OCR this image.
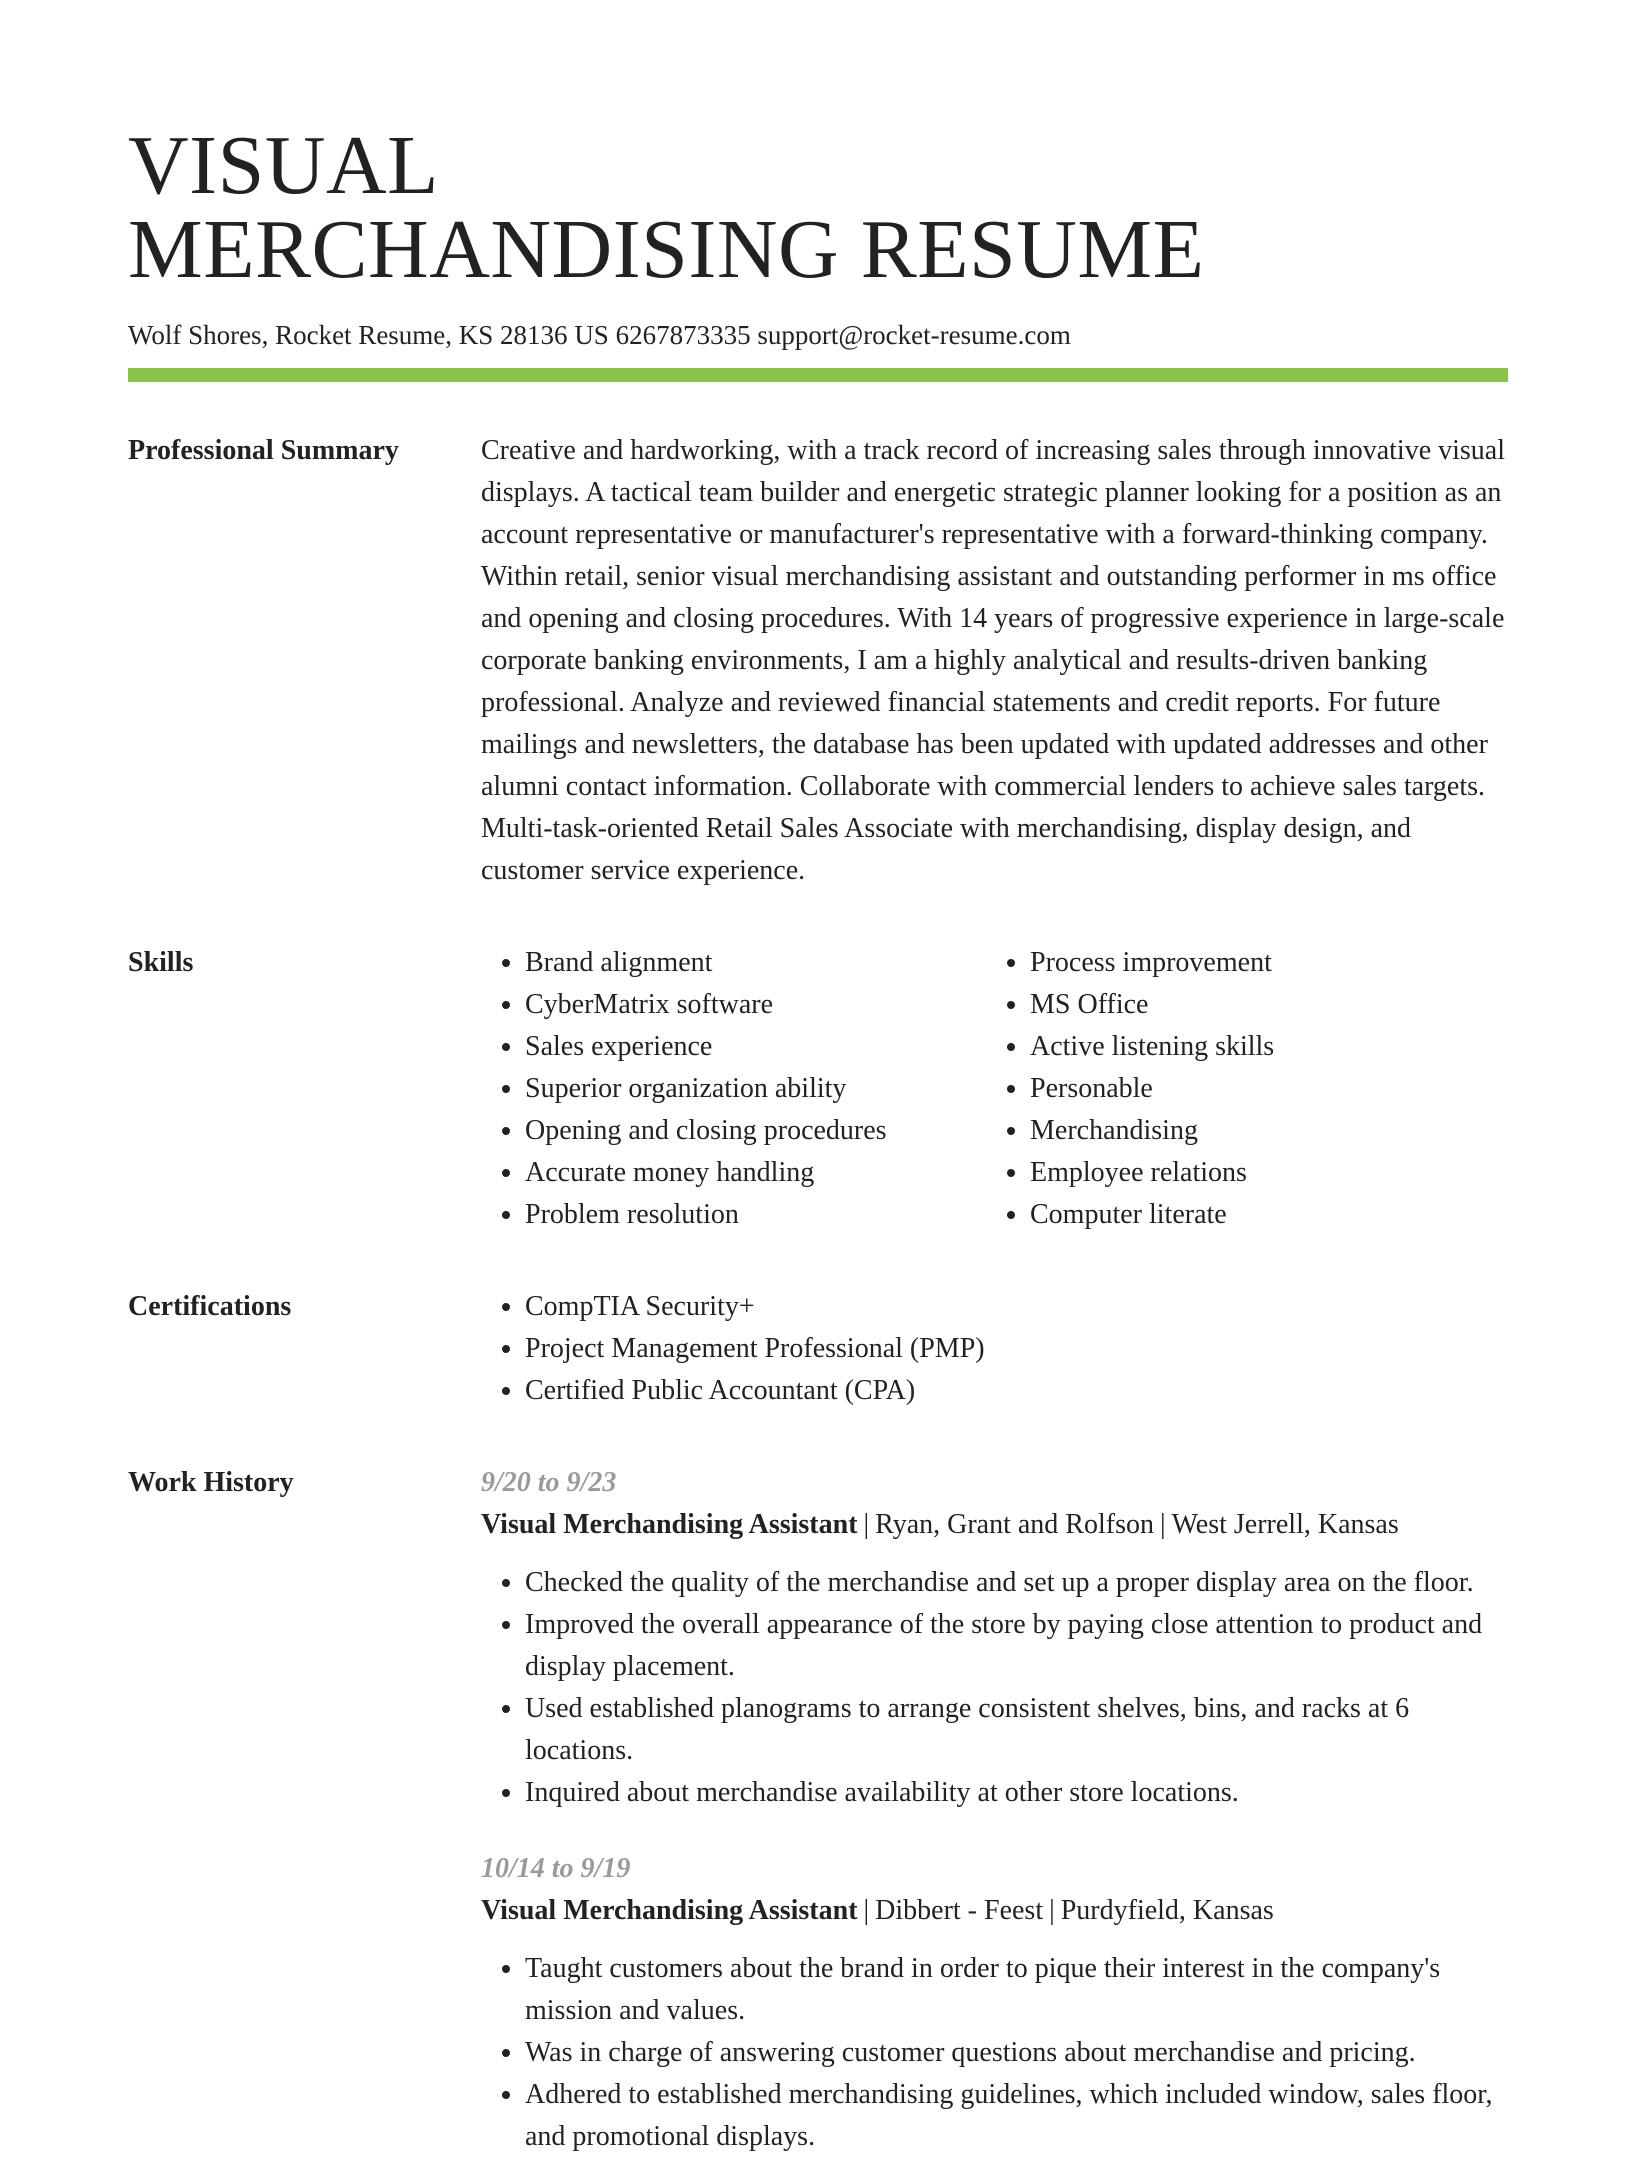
VISUAL
MERCHANDISING RESUME
Wolf Shores, Rocket Resume, KS 28136 US 6267873335 support@rocket-resume.com
Professional Summary	Creative and hardworking, with a track record of increasing sales through innovative visual displays. A tactical team builder and energetic strategic planner looking for a position as an account representative or manufacturer's representative with a forward-thinking company. Within retail, senior visual merchandising assistant and outstanding performer in ms office and opening and closing procedures. With 14 years of progressive experience in large-scale corporate banking environments, I am a highly analytical and results-driven banking professional. Analyze and reviewed financial statements and credit reports. For future mailings and newsletters, the database has been updated with updated addresses and other alumni contact information. Collaborate with commercial lenders to achieve sales targets. Multi-task-oriented Retail Sales Associate with merchandising, display design, and customer service experience.

Skills	• Brand alignment
• CyberMatrix software
• Sales experience
• Superior organization ability
• Opening and closing procedures
• Accurate money handling
• Problem resolution
• Process improvement
• MS Office
• Active listening skills
• Personable
• Merchandising
• Employee relations
• Computer literate
Certifications	• CompTIA Security+
• Project Management Professional (PMP)
• Certified Public Accountant (CPA)
Work History	9/20 to 9/23
Visual Merchandising Assistant | Ryan, Grant and Rolfson | West Jerrell, Kansas
• Checked the quality of the merchandise and set up a proper display area on the floor.
• Improved the overall appearance of the store by paying close attention to product and display placement.
• Used established planograms to arrange consistent shelves, bins, and racks at 6 locations.
• Inquired about merchandise availability at other store locations.
10/14 to 9/19
Visual Merchandising Assistant | Dibbert - Feest | Purdyfield, Kansas
• Taught customers about the brand in order to pique their interest in the company's mission and values.
• Was in charge of answering customer questions about merchandise and pricing.
• Adhered to established merchandising guidelines, which included window, sales floor, and promotional displays.
